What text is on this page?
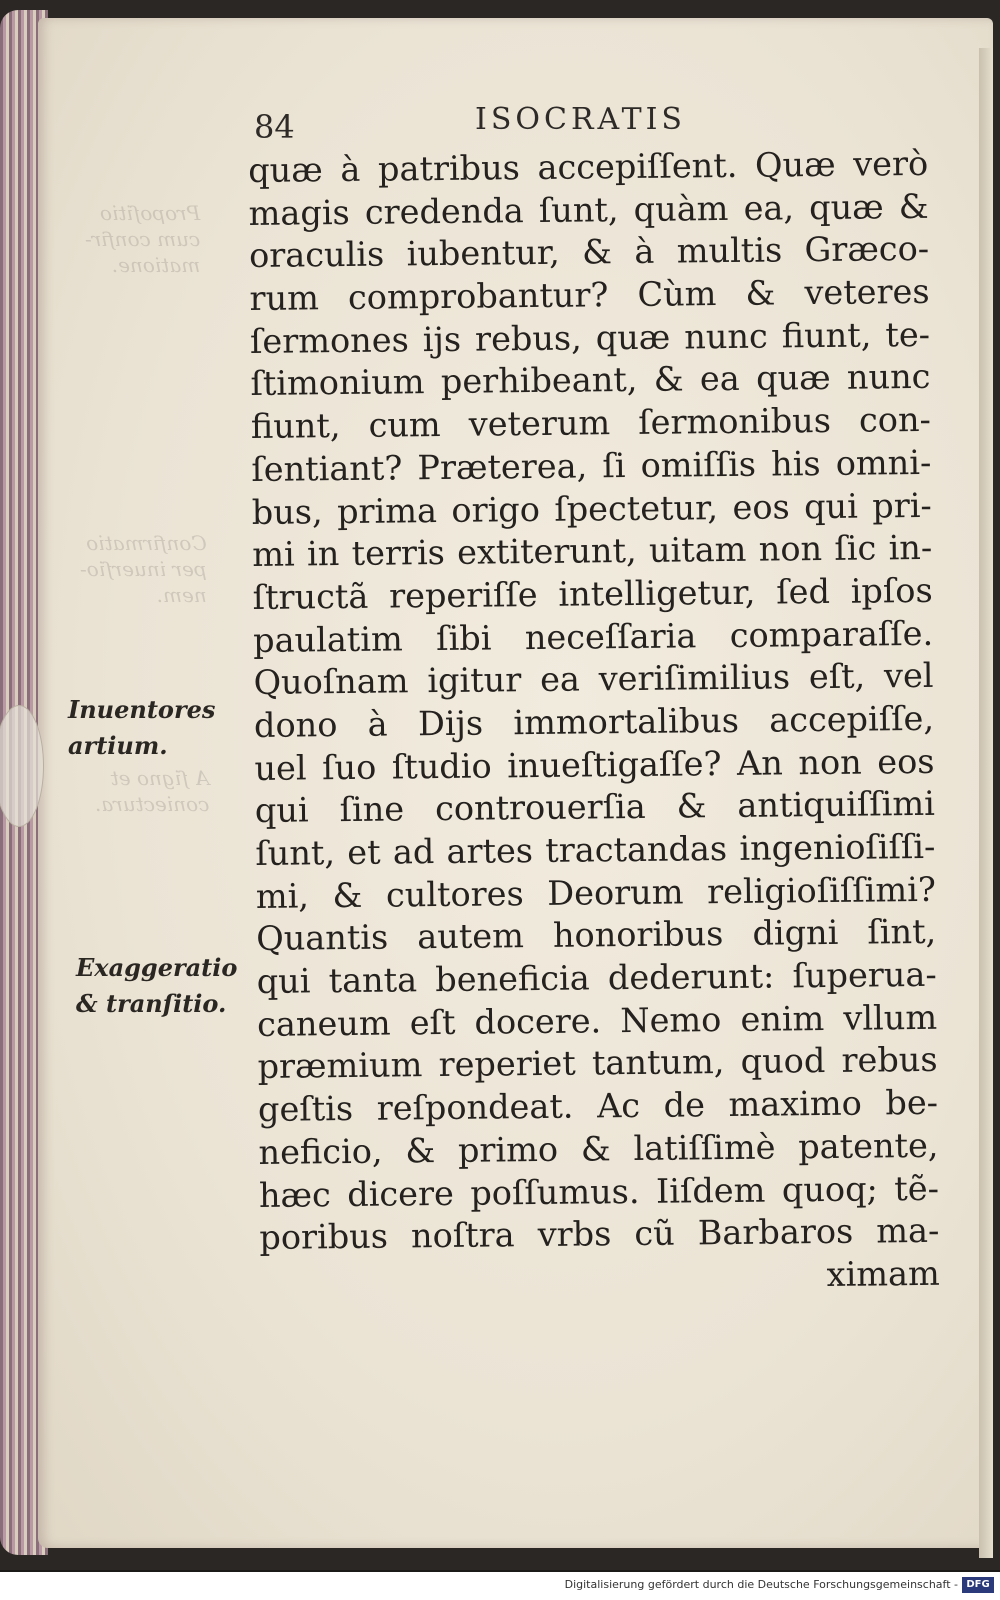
Propoſitio
cum confir-
matione.
Confirmatio
per inuerſio-
nem.
A ſigno et
coniectura.
84	ISOCRATIS
quæ à patribus accepiſſent. Quæ verò
magis credenda ſunt, quàm ea, quæ &
oraculis iubentur, & à multis Græco-
rum comprobantur? Cùm & veteres
ſermones ijs rebus, quæ nunc fiunt, te-
ſtimonium perhibeant, & ea quæ nunc
fiunt, cum veterum ſermonibus con-
ſentiant? Præterea, ſi omiſſis his omni-
bus, prima origo ſpectetur, eos qui pri-
mi in terris extiterunt, uitam non ſic in-
ſtructã reperiſſe intelligetur, ſed ipſos
paulatim ſibi neceſſaria comparaſſe.
Quoſnam igitur ea veriſimilius eſt, vel
dono à Dijs immortalibus accepiſſe,
uel ſuo ſtudio inueſtigaſſe? An non eos
qui ſine controuerſia & antiquiſſimi
ſunt, et ad artes tractandas ingenioſiſſi-
mi, & cultores Deorum religioſiſſimi?
Quantis autem honoribus digni ſint,
qui tanta beneficia dederunt: ſuperua-
caneum eſt docere. Nemo enim vllum
præmium reperiet tantum, quod rebus
geſtis reſpondeat. Ac de maximo be-
neficio, & primo & latiſſimè patente,
hæc dicere poſſumus. Iiſdem quoq; tẽ-
poribus noſtra vrbs cũ Barbaros ma-
ximam
Inuentores
artium.
Exaggeratio
& tranſitio.
Digitalisierung gefördert durch die Deutsche Forschungsgemeinschaft - DFG
